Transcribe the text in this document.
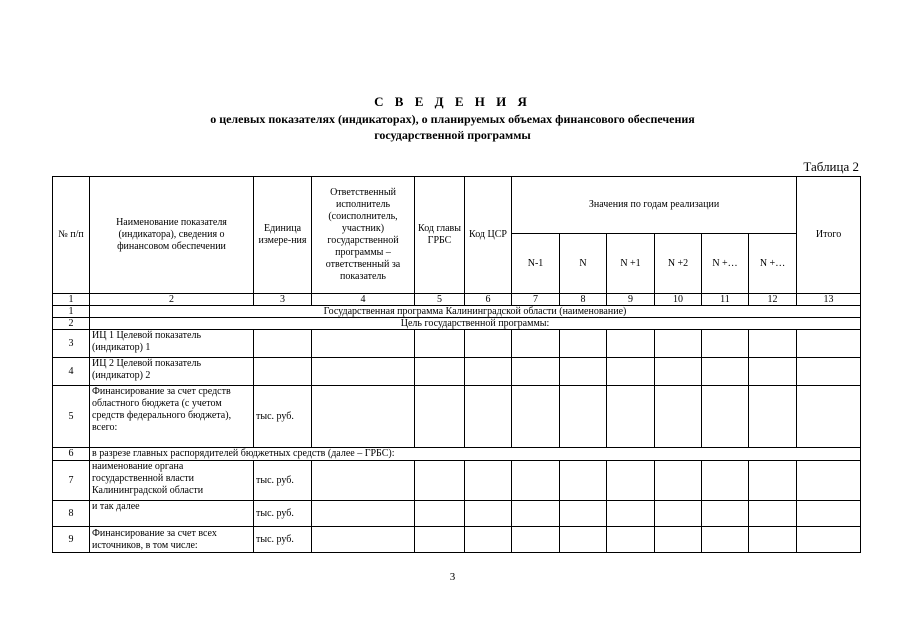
С В Е Д Е Н И Я
о целевых показателях (индикаторах), о планируемых объемах финансового обеспечения
государственной программы
Таблица 2
№ п/п	Наименование показателя (индикатора), сведения о финансовом обеспечении	Единица измере-ния	Ответственный исполнитель (соисполнитель, участник) государственной программы – ответственный за показатель	Код главы ГРБС	Код ЦСР	Значения по годам реализации						Итого
						N-1	N	N +1	N +2	N +…	N +…	
1	2	3	4	5	6	7	8	9	10	11	12	13
1	Государственная программа Калининградской области (наименование)											
2	Цель государственной программы:											
3	ИЦ 1 Целевой показатель (индикатор) 1											
4	ИЦ 2 Целевой показатель (индикатор) 2											
5	Финансирование за счет средств областного бюджета (с учетом средств федерального бюджета), всего:	тыс. руб.										
6	в разрезе главных распорядителей бюджетных средств (далее – ГРБС):											
7	наименование органа государственной власти Калининградской области	тыс. руб.										
8	и так далее	тыс. руб.										
9	Финансирование за счет всех источников, в том числе:	тыс. руб.										
3
